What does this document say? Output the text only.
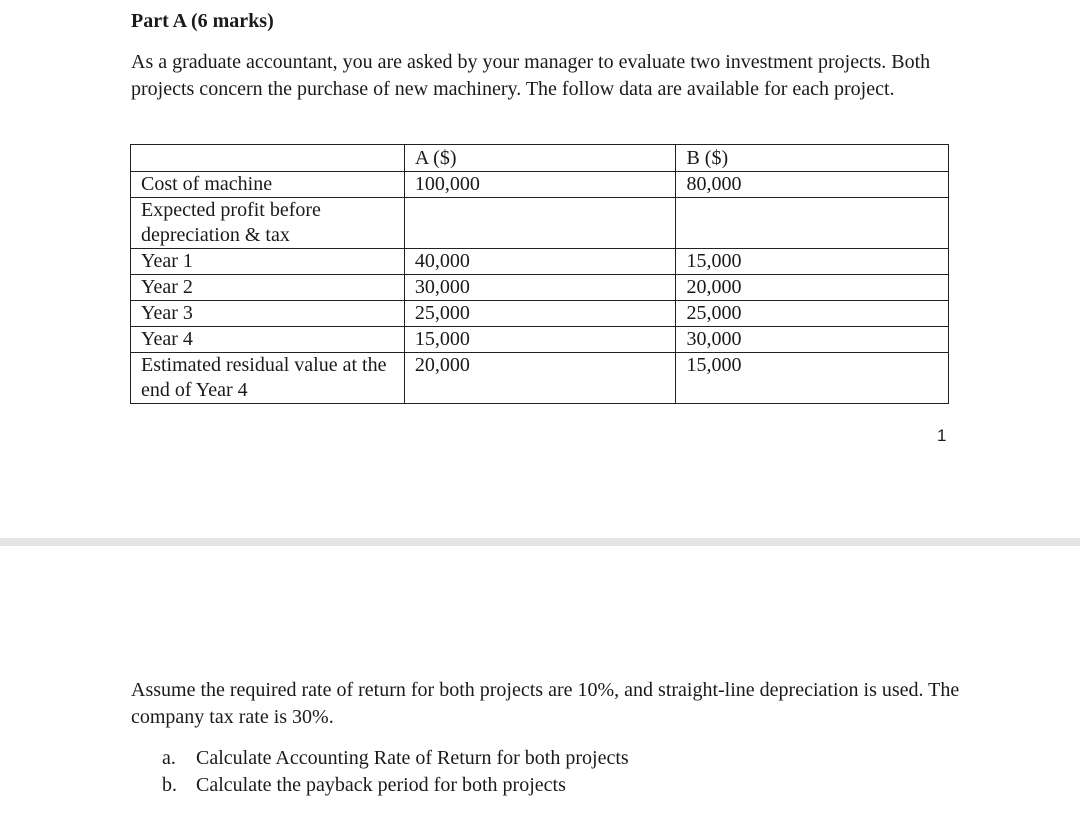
Part A (6 marks)

As a graduate accountant, you are asked by your manager to evaluate two investment projects. Both projects concern the purchase of new machinery. The follow data are available for each project.

	A ($)	B ($)
Cost of machine	100,000	80,000
Expected profit before depreciation & tax		
Year 1	40,000	15,000
Year 2	30,000	20,000
Year 3	25,000	25,000
Year 4	15,000	30,000
Estimated residual value at the end of Year 4	20,000	15,000
1

Assume the required rate of return for both projects are 10%, and straight-line depreciation is used. The company tax rate is 30%.

a.	Calculate Accounting Rate of Return for both projects
b. Calculate the payback period for both projects
